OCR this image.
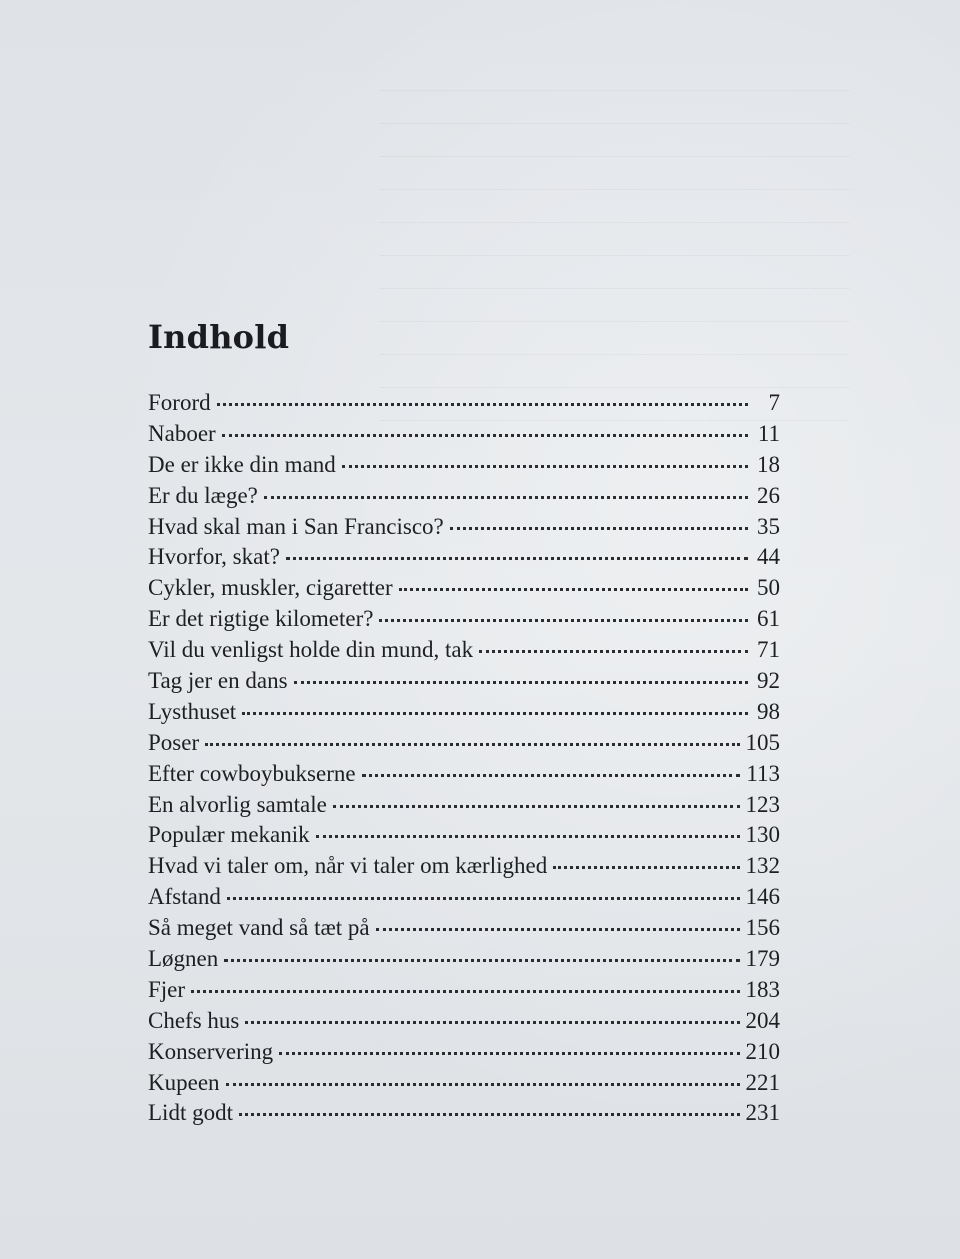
Indhold
Forord	7
Naboer	11
De er ikke din mand	18
Er du læge?	26
Hvad skal man i San Francisco?	35
Hvorfor, skat?	44
Cykler, muskler, cigaretter	50
Er det rigtige kilometer?	61
Vil du venligst holde din mund, tak	71
Tag jer en dans	92
Lysthuset	98
Poser	105
Efter cowboybukserne	113
En alvorlig samtale	123
Populær mekanik	130
Hvad vi taler om, når vi taler om kærlighed	132
Afstand	146
Så meget vand så tæt på	156
Løgnen	179
Fjer	183
Chefs hus	204
Konservering	210
Kupeen	221
Lidt godt	231
